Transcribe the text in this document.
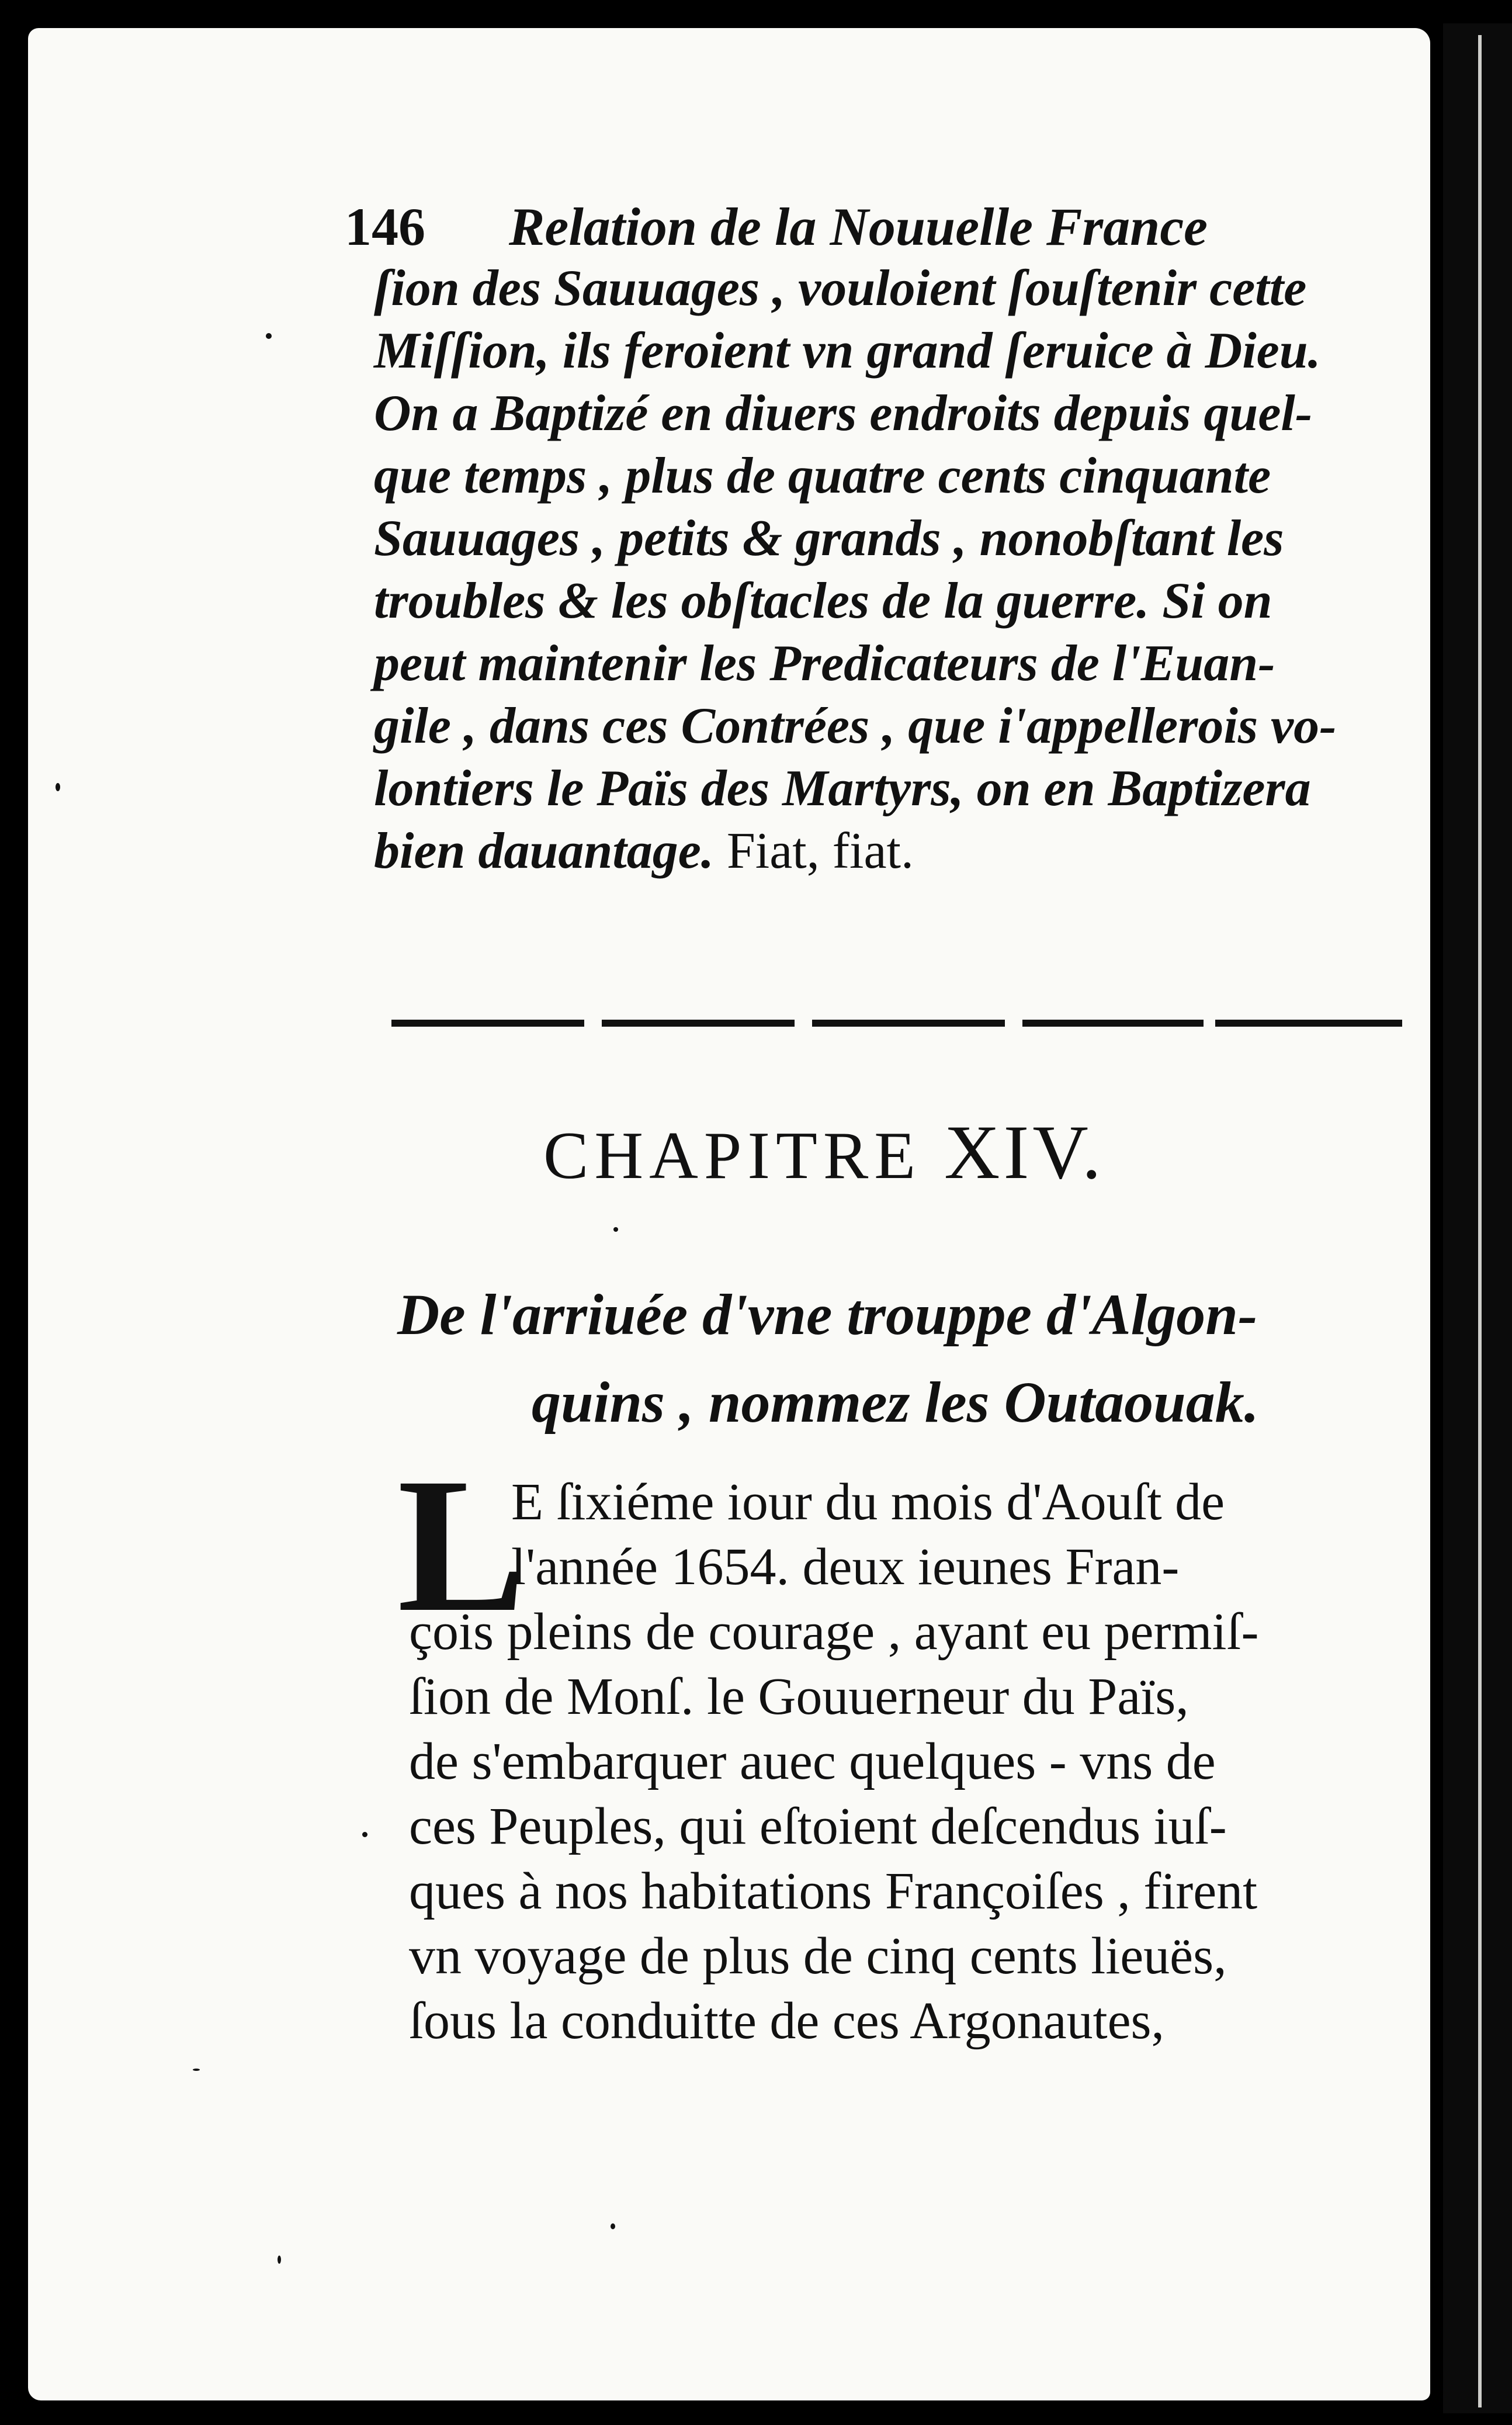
146 Relation de la Nouuelle France
ſion des Sauuages , vouloient ſouſtenir cette
Miſſion, ils feroient vn grand ſeruice à Dieu.
On a Baptizé en diuers endroits depuis quel-
que temps , plus de quatre cents cinquante
Sauuages , petits & grands , nonobſtant les
troubles & les obſtacles de la guerre. Si on
peut maintenir les Predicateurs de l'Euan-
gile , dans ces Contrées , que i'appellerois vo-
lontiers le Païs des Martyrs, on en Baptizera
bien dauantage. Fiat, fiat.
CHAPITRE XIV.
De l'arriuée d'vne trouppe d'Algon-
quins , nommez les Outaouak.
L
E ſixiéme iour du mois d'Aouſt de
l'année 1654. deux ieunes Fran-
çois pleins de courage , ayant eu permiſ-
ſion de Monſ. le Gouuerneur du Païs,
de s'embarquer auec quelques - vns de
ces Peuples, qui eſtoient deſcendus iuſ-
ques à nos habitations Françoiſes , firent
vn voyage de plus de cinq cents lieuës,
ſous la conduitte de ces Argonautes,
